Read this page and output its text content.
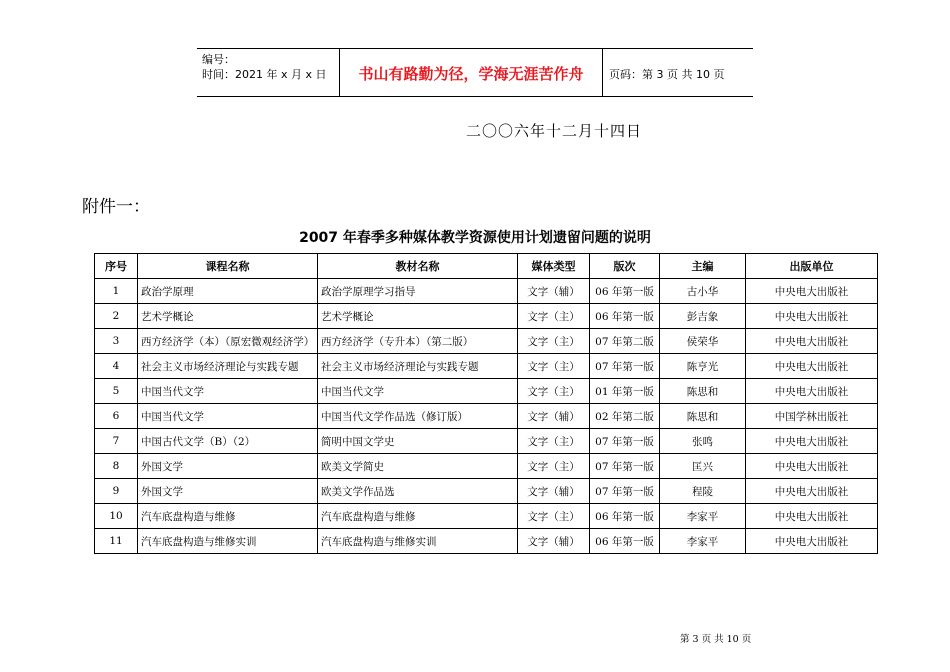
编号：
时间：2021 年 x 月 x 日	书山有路勤为径，学海无涯苦作舟	页码：第 3 页 共 10 页
二〇〇六年十二月十四日
附件一：
2007 年春季多种媒体教学资源使用计划遗留问题的说明
序号	课程名称	教材名称	媒体类型	版次	主编	出版单位
1	政治学原理	政治学原理学习指导	文字（辅）	06 年第一版	古小华	中央电大出版社
2	艺术学概论	艺术学概论	文字（主）	06 年第一版	彭吉象	中央电大出版社
3	西方经济学（本）（原宏微观经济学）	西方经济学（专升本）（第二版）	文字（主）	07 年第二版	侯荣华	中央电大出版社
4	社会主义市场经济理论与实践专题	社会主义市场经济理论与实践专题	文字（主）	07 年第一版	陈亨光	中央电大出版社
5	中国当代文学	中国当代文学	文字（主）	01 年第一版	陈思和	中央电大出版社
6	中国当代文学	中国当代文学作品选（修订版）	文字（辅）	02 年第二版	陈思和	中国学林出版社
7	中国古代文学（B）（2）	简明中国文学史	文字（主）	07 年第一版	张鸣	中央电大出版社
8	外国文学	欧美文学简史	文字（主）	07 年第一版	匡兴	中央电大出版社
9	外国文学	欧美文学作品选	文字（辅）	07 年第一版	程陵	中央电大出版社
10	汽车底盘构造与维修	汽车底盘构造与维修	文字（主）	06 年第一版	李家平	中央电大出版社
11	汽车底盘构造与维修实训	汽车底盘构造与维修实训	文字（辅）	06 年第一版	李家平	中央电大出版社
第 3 页 共 10 页
